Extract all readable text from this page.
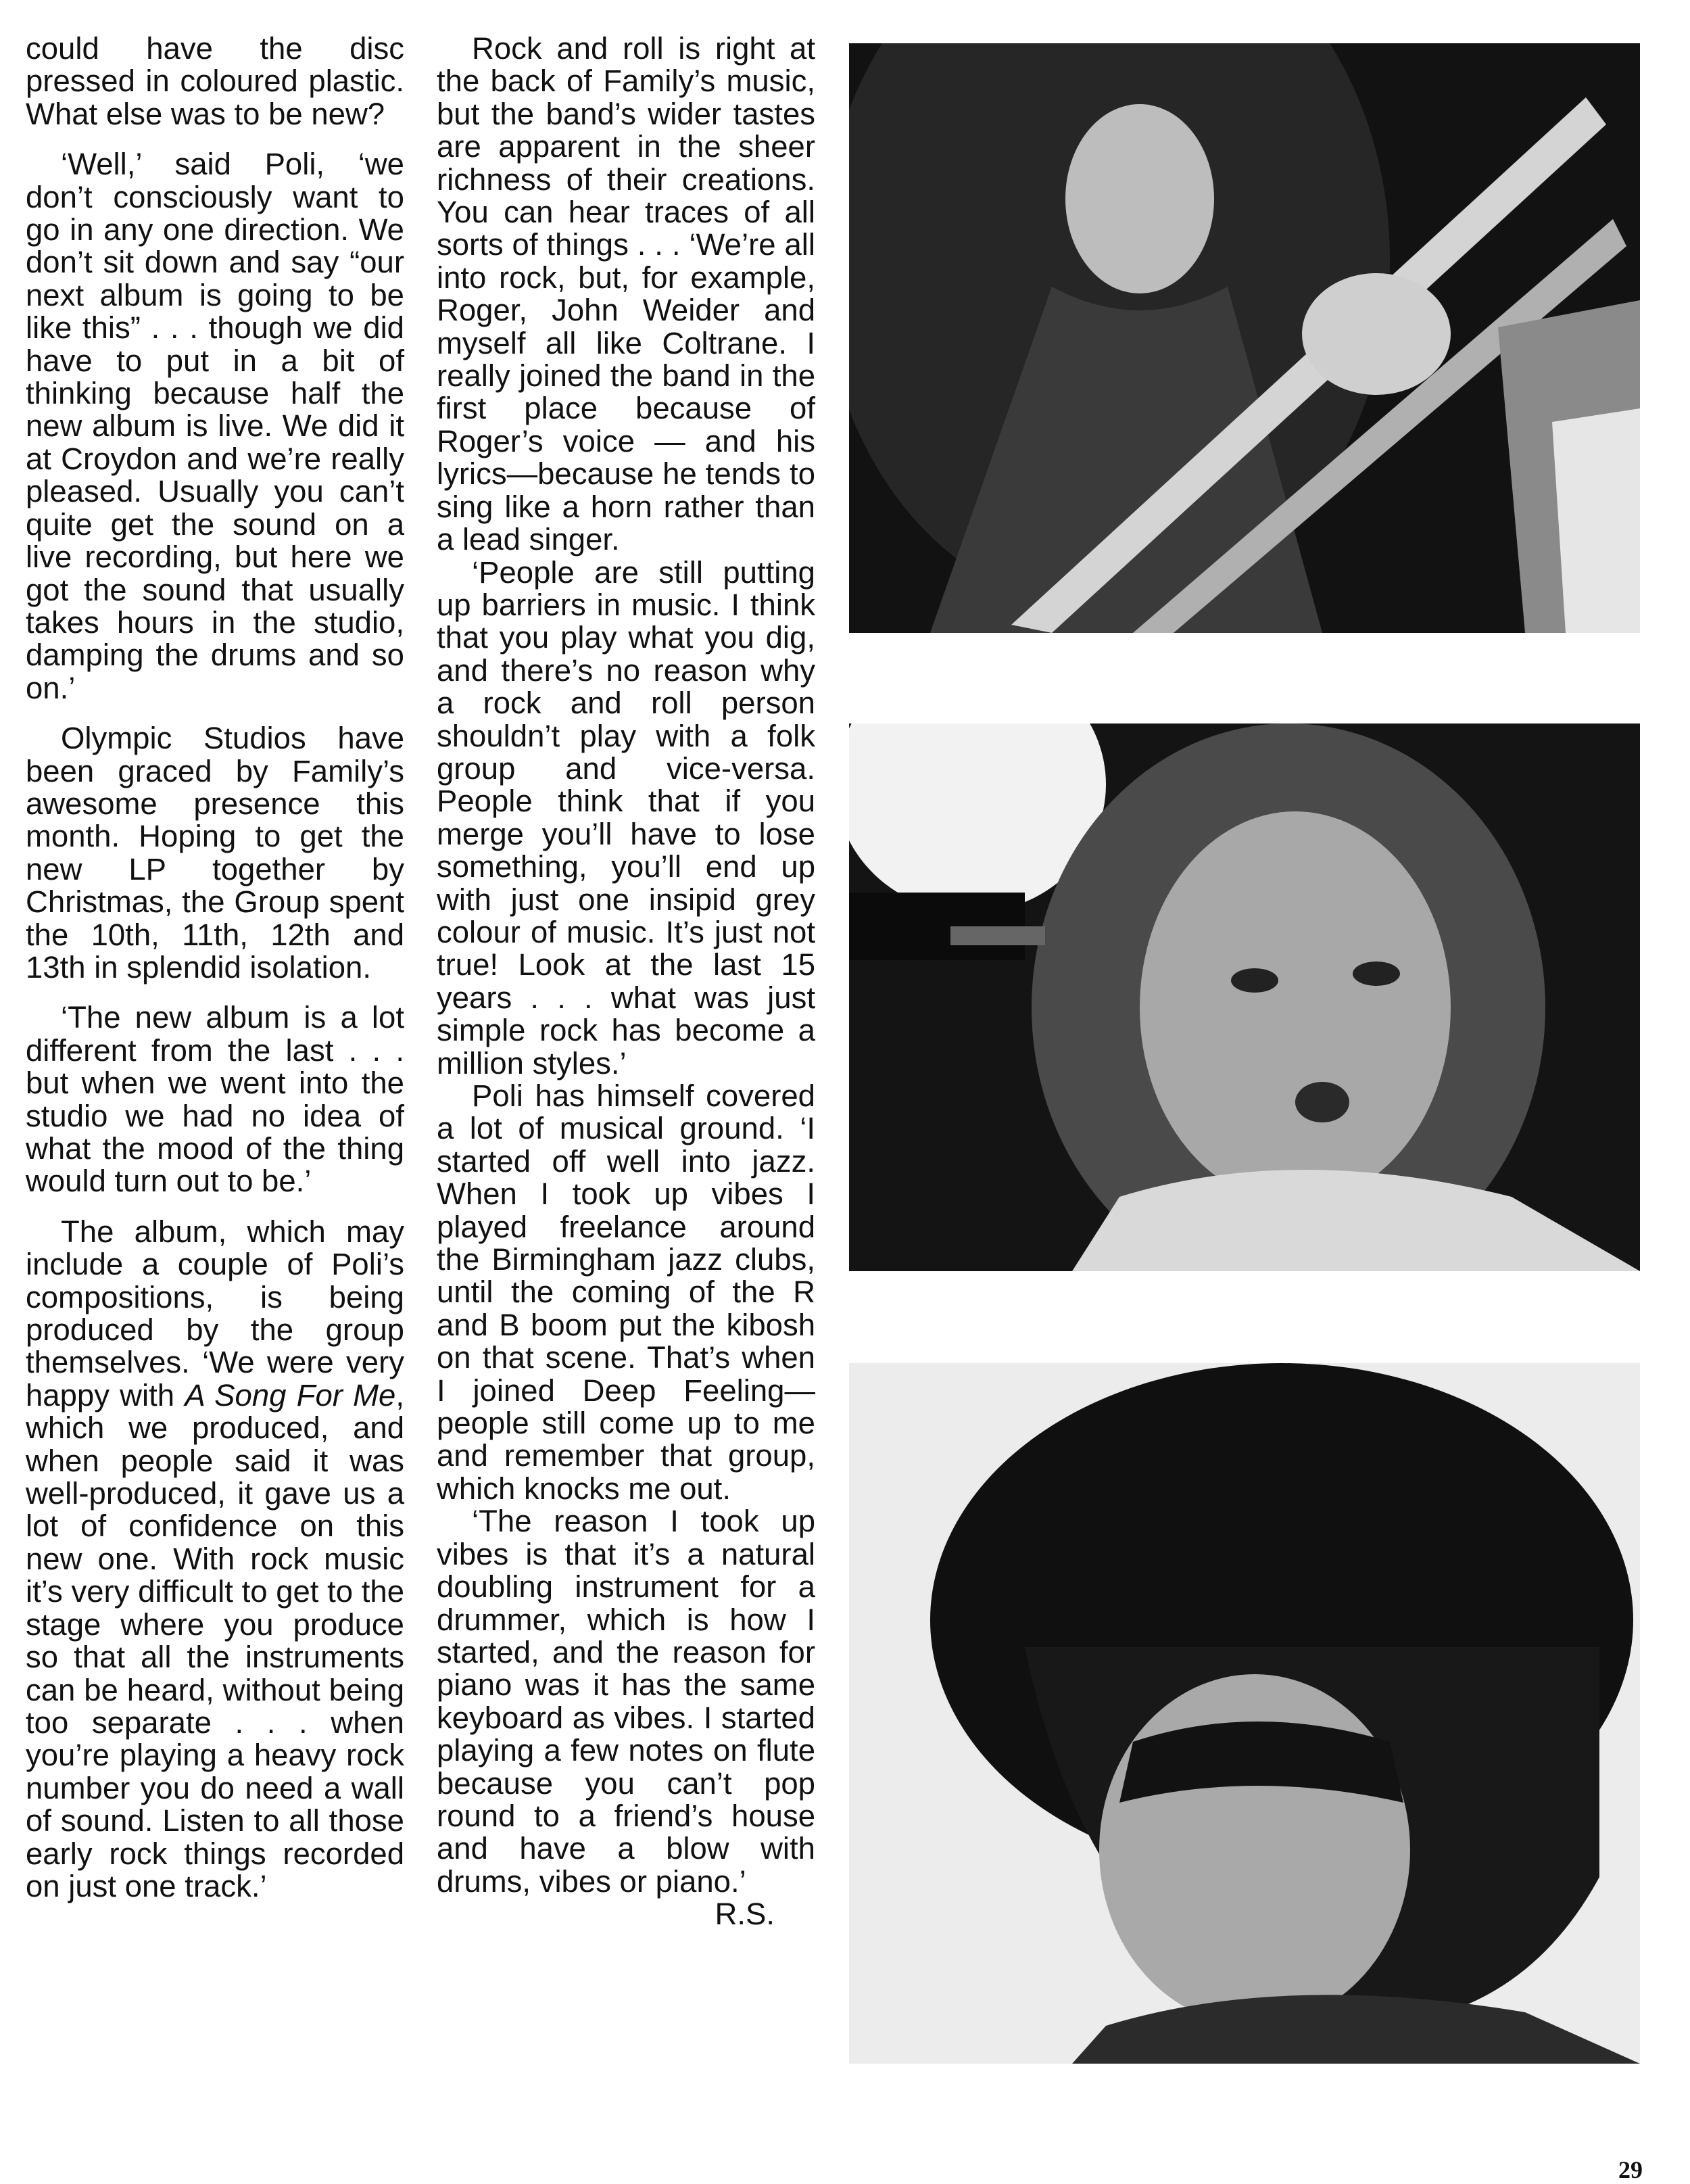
could have the disc pressed in coloured plastic. What else was to be new?

‘Well,’ said Poli, ‘we don’t consciously want to go in any one direction. We don’t sit down and say “our next album is going to be like this” . . . though we did have to put in a bit of thinking because half the new album is live. We did it at Croydon and we’re really pleased. Usually you can’t quite get the sound on a live recording, but here we got the sound that usually takes hours in the studio, damping the drums and so on.’

Olympic Studios have been graced by Family’s awesome presence this month. Hoping to get the new LP together by Christmas, the Group spent the 10th, 11th, 12th and 13th in splendid isolation.

‘The new album is a lot different from the last . . . but when we went into the studio we had no idea of what the mood of the thing would turn out to be.’

The album, which may include a couple of Poli’s compositions, is being produced by the group themselves. ‘We were very happy with A Song For Me, which we produced, and when people said it was well-produced, it gave us a lot of confidence on this new one. With rock music it’s very difficult to get to the stage where you produce so that all the instruments can be heard, without being too separate . . . when you’re playing a heavy rock number you do need a wall of sound. Listen to all those early rock things recorded on just one track.’

Rock and roll is right at the back of Family’s music, but the band’s wider tastes are apparent in the sheer richness of their creations. You can hear traces of all sorts of things . . . ‘We’re all into rock, but, for example, Roger, John Weider and myself all like Coltrane. I really joined the band in the first place because of Roger’s voice — and his lyrics—because he tends to sing like a horn rather than a lead singer.

‘People are still putting up barriers in music. I think that you play what you dig, and there’s no reason why a rock and roll person shouldn’t play with a folk group and vice-versa. People think that if you merge you’ll have to lose something, you’ll end up with just one insipid grey colour of music. It’s just not true! Look at the last 15 years . . . what was just simple rock has become a million styles.’

Poli has himself covered a lot of musical ground. ‘I started off well into jazz. When I took up vibes I played freelance around the Birmingham jazz clubs, until the coming of the R and B boom put the kibosh on that scene. That’s when I joined Deep Feeling—people still come up to me and remember that group, which knocks me out.

‘The reason I took up vibes is that it’s a natural doubling instrument for a drummer, which is how I started, and the reason for piano was it has the same keyboard as vibes. I started playing a few notes on flute because you can’t pop round to a friend’s house and have a blow with drums, vibes or piano.’

R.S.

29
